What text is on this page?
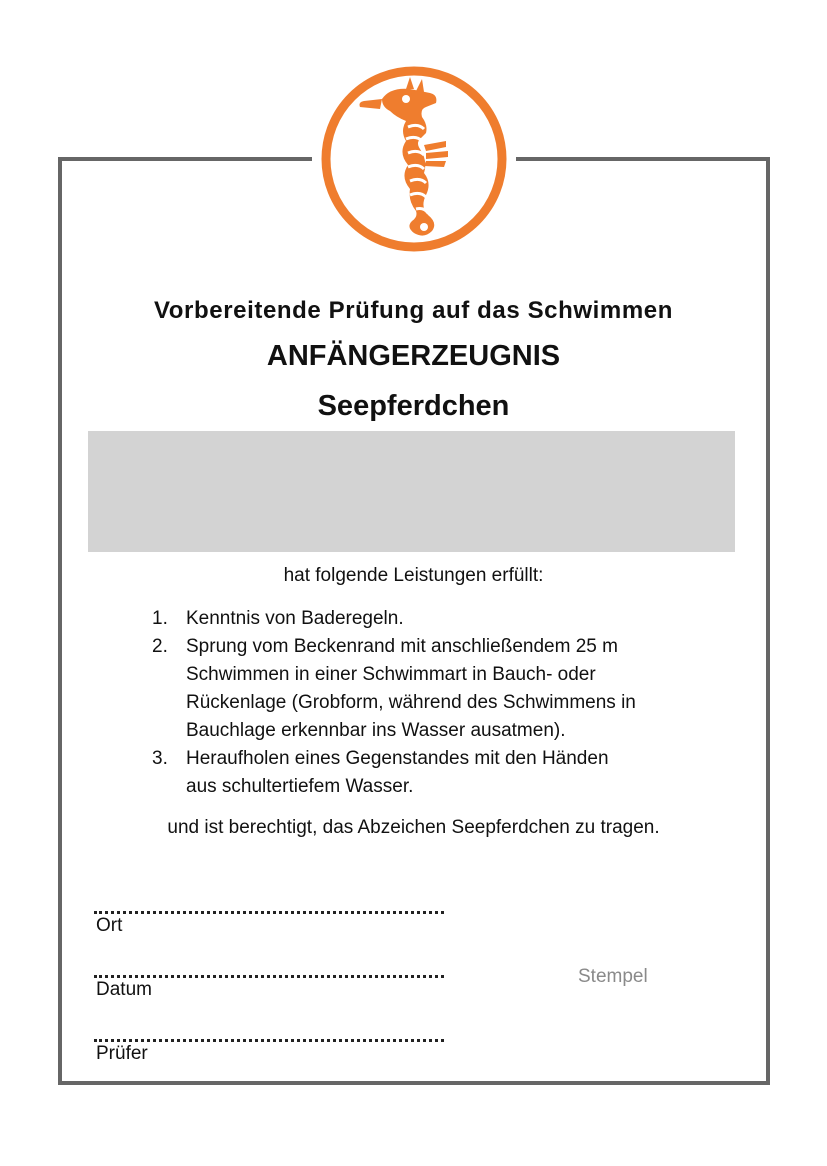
Vorbereitende Prüfung auf das Schwimmen
ANFÄNGERZEUGNIS
Seepferdchen
hat folgende Leistungen erfüllt:
1. Kenntnis von Baderegeln.
2. Sprung vom Beckenrand mit anschließendem 25 m
Schwimmen in einer Schwimmart in Bauch- oder
Rückenlage (Grobform, während des Schwimmens in
Bauchlage erkennbar ins Wasser ausatmen).
3. Heraufholen eines Gegenstandes mit den Händen
aus schultertiefem Wasser.
und ist berechtigt, das Abzeichen Seepferdchen zu tragen.
Ort
Datum
Prüfer
Stempel
